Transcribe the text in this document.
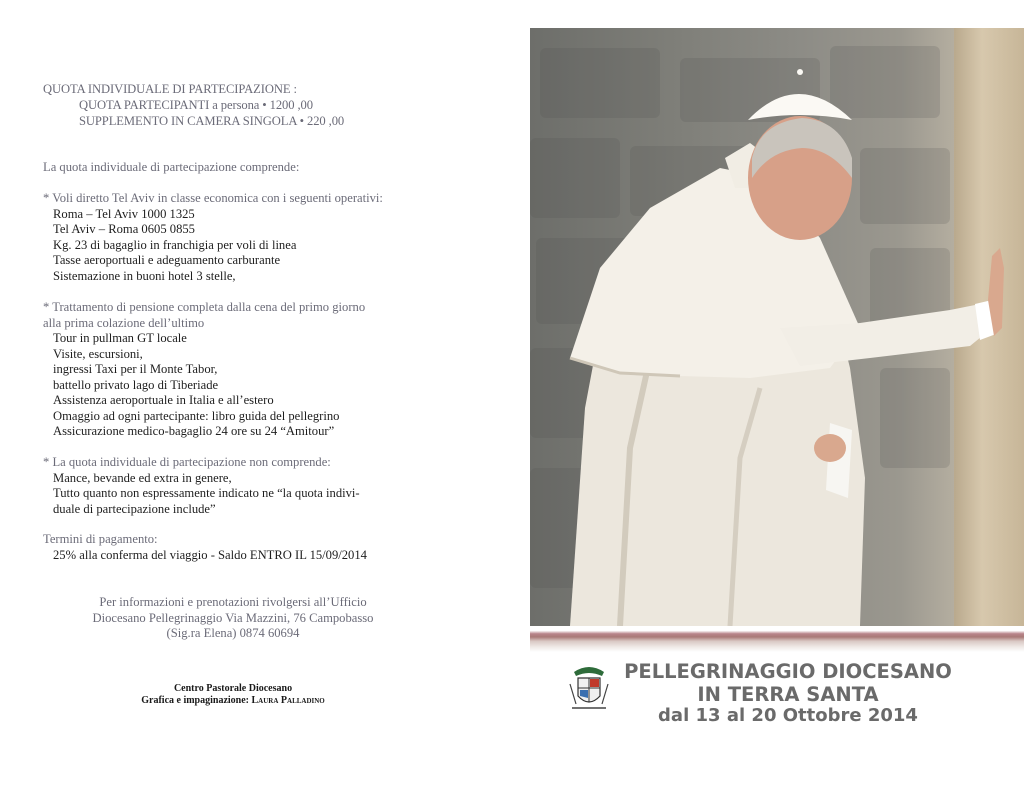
QUOTA INDIVIDUALE DI PARTECIPAZIONE :
QUOTA PARTECIPANTI a persona • 1200 ,00
SUPPLEMENTO IN CAMERA SINGOLA • 220 ,00
La quota individuale di partecipazione comprende:
* Voli diretto Tel Aviv in classe economica con i seguenti operativi:
Roma – Tel Aviv 1000 1325
Tel Aviv – Roma 0605 0855
Kg. 23 di bagaglio in franchigia per voli di linea
Tasse aeroportuali e adeguamento carburante
Sistemazione in buoni hotel 3 stelle,
* Trattamento di pensione completa dalla cena del primo giorno
alla prima colazione dell’ultimo
Tour in pullman GT locale
Visite, escursioni,
ingressi Taxi per il Monte Tabor,
battello privato lago di Tiberiade
Assistenza aeroportuale in Italia e all’estero
Omaggio ad ogni partecipante: libro guida del pellegrino
Assicurazione medico-bagaglio 24 ore su 24 “Amitour”
* La quota individuale di partecipazione non comprende:
Mance, bevande ed extra in genere,
Tutto quanto non espressamente indicato ne “la quota indivi-
duale di partecipazione include”
Termini di pagamento:
25% alla conferma del viaggio - Saldo ENTRO IL 15/09/2014
Per informazioni e prenotazioni rivolgersi all’Ufficio
Diocesano Pellegrinaggio Via Mazzini, 76 Campobasso
(Sig.ra Elena) 0874 60694
Centro Pastorale Diocesano
Grafica e impaginazione: Laura Palladino
PELLEGRINAGGIO DIOCESANO
IN TERRA SANTA
dal 13 al 20 Ottobre 2014
